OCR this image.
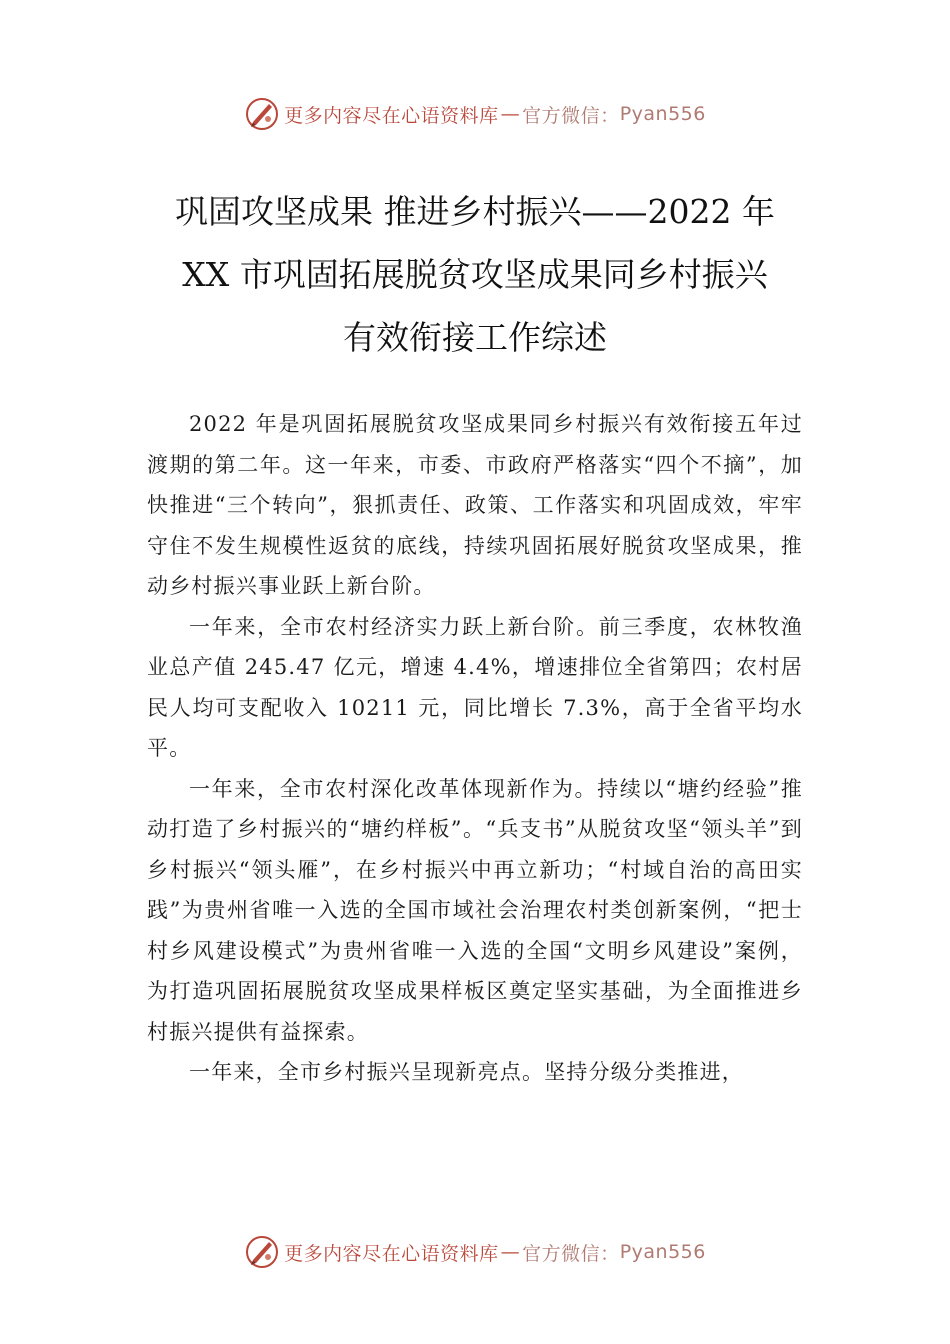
更多内容尽在心语资料库 — 官方微信： Pyan556
巩固攻坚成果 推进乡村振兴——2022 年
XX 市巩固拓展脱贫攻坚成果同乡村振兴
有效衔接工作综述

2022 年是巩固拓展脱贫攻坚成果同乡村振兴有效衔接五年过渡期的第二年。这一年来，市委、市政府严格落实“四个不摘”，加快推进“三个转向”，狠抓责任、政策、工作落实和巩固成效，牢牢守住不发生规模性返贫的底线，持续巩固拓展好脱贫攻坚成果，推动乡村振兴事业跃上新台阶。

一年来，全市农村经济实力跃上新台阶。前三季度，农林牧渔业总产值 245.47 亿元，增速 4.4%，增速排位全省第四；农村居民人均可支配收入 10211 元，同比增长 7.3%，高于全省平均水平。

一年来，全市农村深化改革体现新作为。持续以“塘约经验”推动打造了乡村振兴的“塘约样板”。“兵支书”从脱贫攻坚“领头羊”到乡村振兴“领头雁”，在乡村振兴中再立新功；“村域自治的高田实践”为贵州省唯一入选的全国市域社会治理农村类创新案例，“把士村乡风建设模式”为贵州省唯一入选的全国“文明乡风建设”案例，为打造巩固拓展脱贫攻坚成果样板区奠定坚实基础，为全面推进乡村振兴提供有益探索。

一年来，全市乡村振兴呈现新亮点。坚持分级分类推进，

更多内容尽在心语资料库 — 官方微信： Pyan556
